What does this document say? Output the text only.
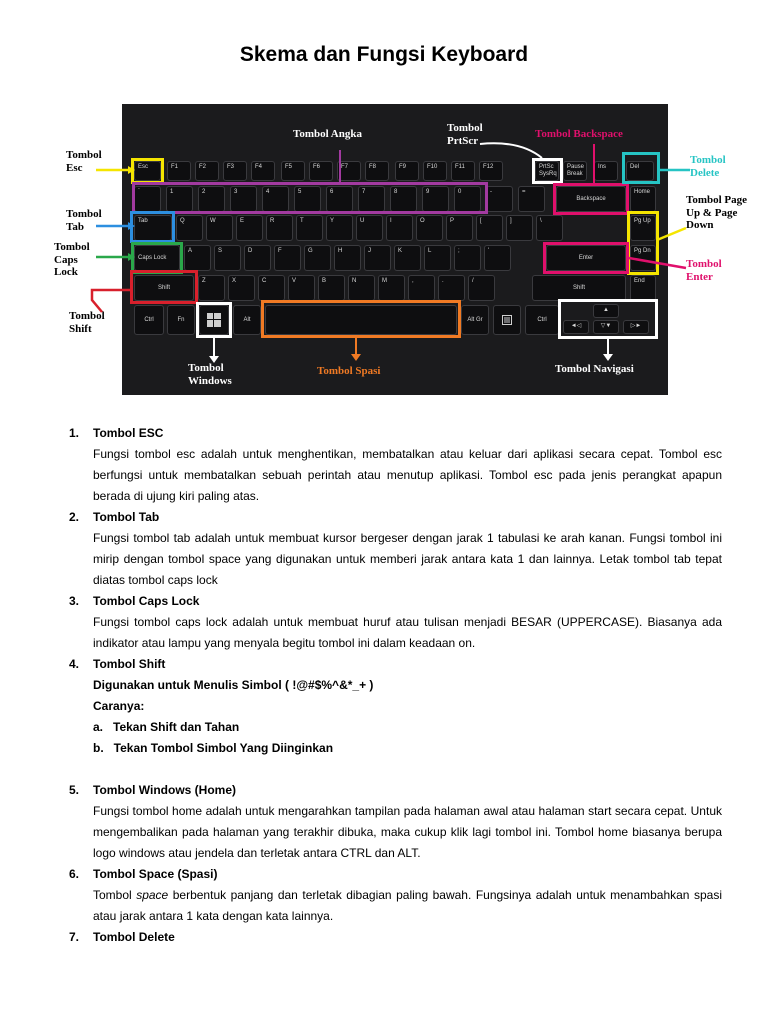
Skema dan Fungsi Keyboard
Tombol Esc
Tombol Tab
Tombol Caps Lock
Tombol Shift
Tombol Delete
Tombol Page Up & Page Down
Tombol Enter
Esc	F1	F2	F3	F4	F5	F6	F7	F8	F9	F10	F11	F12	PrtSc SysRq
Pause Break
Ins	Del
`	1	2	3	4	5	6	7	8	9	0	-	=
Backspace
Home
Tab	Q	W	E	R	T	Y	U	I	O	P	[	]	\	Pg Up
Caps Lock
A	S	D	F	G	H	J	K	L	;	'
Enter
Pg Dn
Shift
Z	X	C	V	B	N	M	,	.	/
Shift
End
Ctrl	Fn	Alt	Alt Gr	Ctrl
▲
◄◁	▽▼	▷►
Tombol Angka	Tombol PrtScr
Tombol Backspace
Tombol Windows
Tombol Spasi	Tombol Navigasi
1. Tombol ESC
Fungsi tombol esc adalah untuk menghentikan, membatalkan atau keluar dari aplikasi secara cepat. Tombol esc berfungsi untuk membatalkan sebuah perintah atau menutup aplikasi. Tombol esc pada jenis perangkat apapun berada di ujung kiri paling atas.
2. Tombol Tab
Fungsi tombol tab adalah untuk membuat kursor bergeser dengan jarak 1 tabulasi ke arah kanan. Fungsi tombol ini mirip dengan tombol space yang digunakan untuk memberi jarak antara kata 1 dan lainnya. Letak tombol tab tepat diatas tombol caps lock
3. Tombol Caps Lock
Fungsi tombol caps lock adalah untuk membuat huruf atau tulisan menjadi BESAR (UPPERCASE). Biasanya ada indikator atau lampu yang menyala begitu tombol ini dalam keadaan on.
4. Tombol Shift
Digunakan untuk Menulis Simbol ( !@#$%^&*_+ )
Caranya:
a.   Tekan Shift dan Tahan
b.   Tekan Tombol Simbol Yang Diinginkan
5. Tombol Windows (Home)
Fungsi tombol home adalah untuk mengarahkan tampilan pada halaman awal atau halaman start secara cepat. Untuk mengembalikan pada halaman yang terakhir dibuka, maka cukup klik lagi tombol ini. Tombol home biasanya berupa logo windows atau jendela dan terletak antara CTRL dan ALT.
6. Tombol Space (Spasi)
Tombol space berbentuk panjang dan terletak dibagian paling bawah. Fungsinya adalah untuk menambahkan spasi atau jarak antara 1 kata dengan kata lainnya.
7. Tombol Delete
